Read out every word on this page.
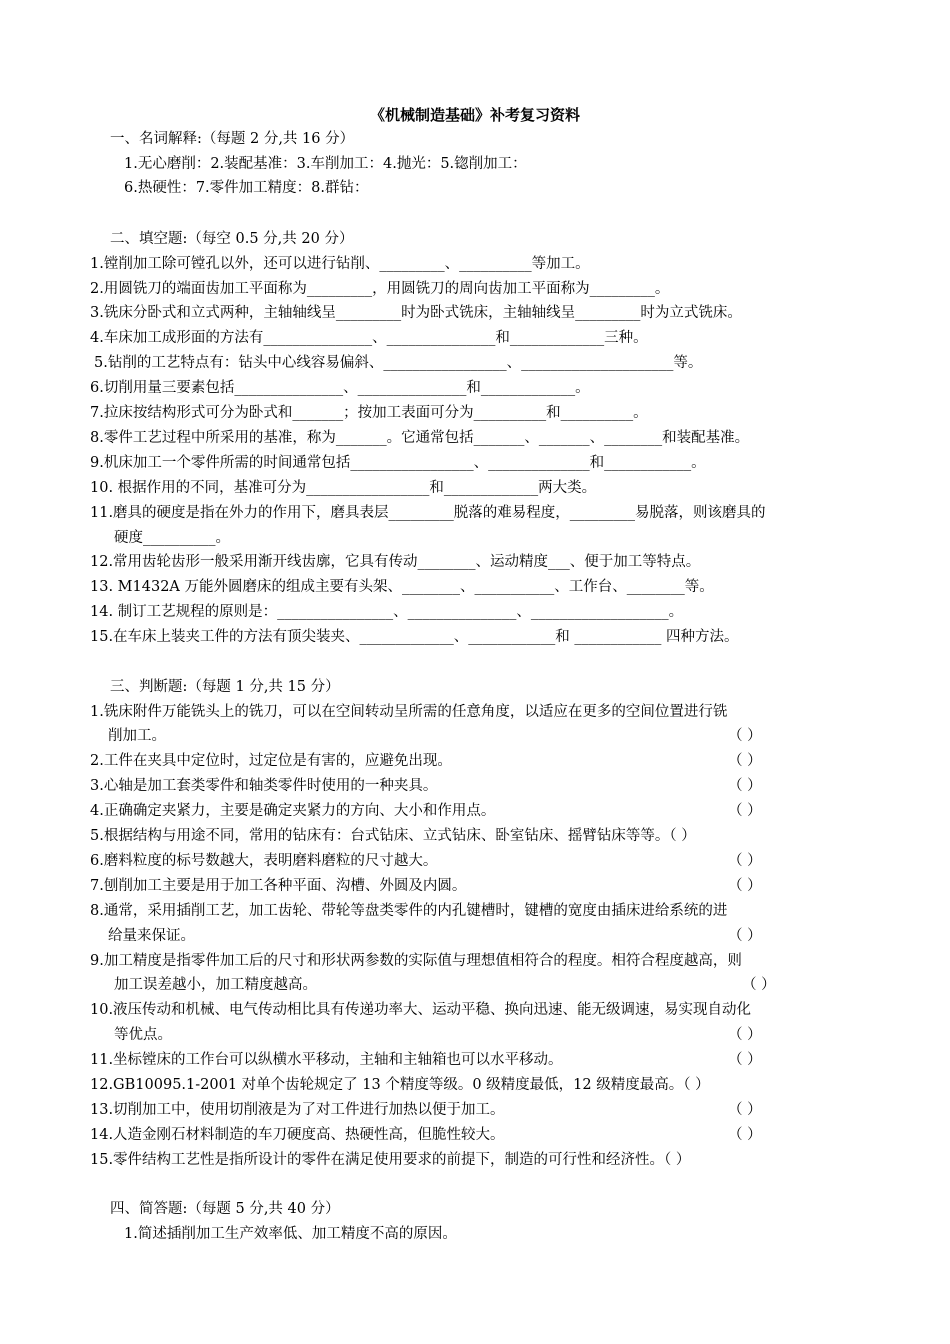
《机械制造基础》补考复习资料
一、名词解释:（每题 2 分,共 16 分）
1.无心磨削：2.装配基准：3.车削加工：4.抛光：5.锪削加工：
6.热硬性：7.零件加工精度：8.群钻：
二、填空题:（每空 0.5 分,共 20 分）
1.镗削加工除可镗孔以外，还可以进行钻削、_________、__________等加工。
2.用圆铣刀的端面齿加工平面称为_________，用圆铣刀的周向齿加工平面称为_________。
3.铣床分卧式和立式两种，主轴轴线呈_________时为卧式铣床，主轴轴线呈_________时为立式铣床。
4.车床加工成形面的方法有_______________、_______________和_____________三种。
5.钻削的工艺特点有：钻头中心线容易偏斜、_________________、_____________________等。
6.切削用量三要素包括_______________、_______________和_____________。
7.拉床按结构形式可分为卧式和_______；按加工表面可分为__________和__________。
8.零件工艺过程中所采用的基准，称为_______。它通常包括_______、_______、________和装配基准。
9.机床加工一个零件所需的时间通常包括_________________、______________和____________。
10. 根据作用的不同，基准可分为_________________和_____________两大类。
11.磨具的硬度是指在外力的作用下，磨具表层_________脱落的难易程度，_________易脱落，则该磨具的
硬度__________。
12.常用齿轮齿形一般采用渐开线齿廓，它具有传动________、运动精度___、便于加工等特点。
13. M1432A 万能外圆磨床的组成主要有头架、________、___________、工作台、________等。
14. 制订工艺规程的原则是：________________、_______________、___________________。
15.在车床上装夹工件的方法有顶尖装夹、_____________、____________和 ____________ 四种方法。
三、判断题:（每题 1 分,共 15 分）
1.铣床附件万能铣头上的铣刀，可以在空间转动呈所需的任意角度，以适应在更多的空间位置进行铣
削加工。	（ ）
2.工件在夹具中定位时，过定位是有害的，应避免出现。	（ ）
3.心轴是加工套类零件和轴类零件时使用的一种夹具。	（ ）
4.正确确定夹紧力，主要是确定夹紧力的方向、大小和作用点。	（ ）
5.根据结构与用途不同，常用的钻床有：台式钻床、立式钻床、卧室钻床、摇臂钻床等等。（ ）
6.磨料粒度的标号数越大，表明磨料磨粒的尺寸越大。	（ ）
7.刨削加工主要是用于加工各种平面、沟槽、外圆及内圆。	（ ）
8.通常，采用插削工艺，加工齿轮、带轮等盘类零件的内孔键槽时，键槽的宽度由插床进给系统的进
给量来保证。	（ ）
9.加工精度是指零件加工后的尺寸和形状两参数的实际值与理想值相符合的程度。相符合程度越高，则
加工误差越小，加工精度越高。	（ ）
10.液压传动和机械、电气传动相比具有传递功率大、运动平稳、换向迅速、能无级调速，易实现自动化
等优点。	（ ）
11.坐标镗床的工作台可以纵横水平移动，主轴和主轴箱也可以水平移动。	（ ）
12.GB10095.1-2001 对单个齿轮规定了 13 个精度等级。0 级精度最低，12 级精度最高。（ ）
13.切削加工中，使用切削液是为了对工件进行加热以便于加工。	（ ）
14.人造金刚石材料制造的车刀硬度高、热硬性高，但脆性较大。	（ ）
15.零件结构工艺性是指所设计的零件在满足使用要求的前提下，制造的可行性和经济性。（ ）
四、简答题:（每题 5 分,共 40 分）
1.简述插削加工生产效率低、加工精度不高的原因。
